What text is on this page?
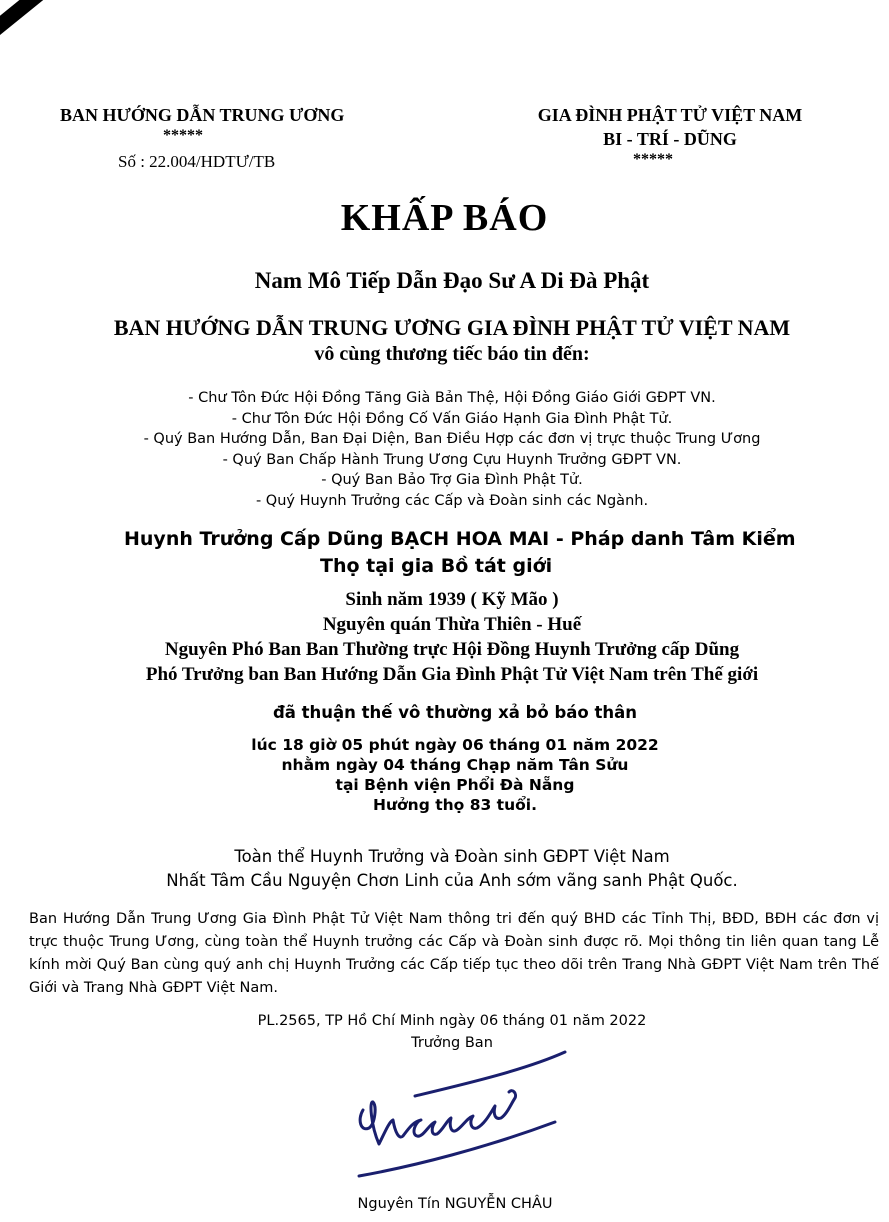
BAN HƯỚNG DẪN TRUNG ƯƠNG
*****
Số : 22.004/HDTƯ/TB
GIA ĐÌNH PHẬT TỬ VIỆT NAM
BI - TRÍ - DŨNG
*****
KHẤP BÁO
Nam Mô Tiếp Dẫn Đạo Sư A Di Đà Phật
BAN HƯỚNG DẪN TRUNG ƯƠNG GIA ĐÌNH PHẬT TỬ VIỆT NAM
vô cùng thương tiếc báo tin đến:
- Chư Tôn Đức Hội Đồng Tăng Già Bản Thệ, Hội Đồng Giáo Giới GĐPT VN.
- Chư Tôn Đức Hội Đồng Cố Vấn Giáo Hạnh Gia Đình Phật Tử.
- Quý Ban Hướng Dẫn, Ban Đại Diện, Ban Điều Hợp các đơn vị trực thuộc Trung Ương
- Quý Ban Chấp Hành Trung Ương Cựu Huynh Trưởng GĐPT VN.
- Quý Ban Bảo Trợ Gia Đình Phật Tử.
- Quý Huynh Trưởng các Cấp và Đoàn sinh các Ngành.
Huynh Trưởng Cấp Dũng BẠCH HOA MAI - Pháp danh Tâm Kiểm
Thọ tại gia Bồ tát giới
Sinh năm 1939 ( Kỹ Mão )
Nguyên quán Thừa Thiên - Huế
Nguyên Phó Ban Ban Thường trực Hội Đồng Huynh Trưởng cấp Dũng
Phó Trưởng ban Ban Hướng Dẫn Gia Đình Phật Tử Việt Nam trên Thế giới
đã thuận thế vô thường xả bỏ báo thân
lúc 18 giờ 05 phút ngày 06 tháng 01 năm 2022
nhằm ngày 04 tháng Chạp năm Tân Sửu
tại Bệnh viện Phổi Đà Nẵng
Hưởng thọ 83 tuổi.
Toàn thể Huynh Trưởng và Đoàn sinh GĐPT Việt Nam
Nhất Tâm Cầu Nguyện Chơn Linh của Anh sớm vãng sanh Phật Quốc.
Ban Hướng Dẫn Trung Ương Gia Đình Phật Tử Việt Nam thông tri đến quý BHD các Tỉnh Thị, BĐD, BĐH các đơn vị trực thuộc Trung Ương, cùng toàn thể Huynh trưởng các Cấp và Đoàn sinh được rõ. Mọi thông tin liên quan tang Lễ kính mời Quý Ban cùng quý anh chị Huynh Trưởng các Cấp tiếp tục theo dõi trên Trang Nhà GĐPT Việt Nam trên Thế Giới và Trang Nhà GĐPT Việt Nam.
PL.2565, TP Hồ Chí Minh ngày 06 tháng 01 năm 2022
Trưởng Ban
Nguyên Tín NGUYỄN CHÂU
